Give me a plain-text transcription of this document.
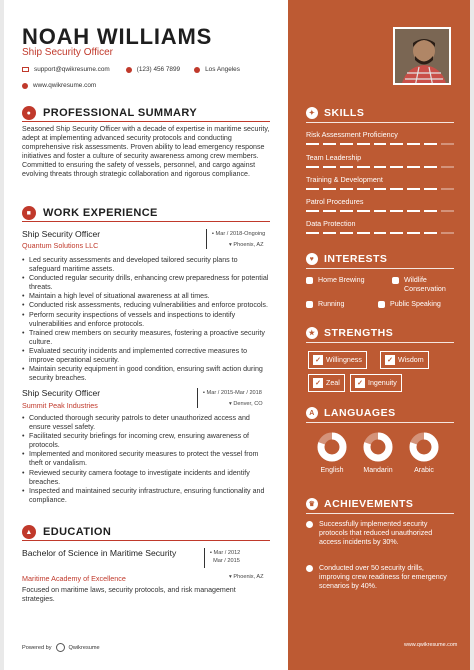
NOAH WILLIAMS
Ship Security Officer
support@qwikresume.com	(123) 456 7899	Los Angeles
www.qwikresume.com
●	PROFESSIONAL SUMMARY
Seasoned Ship Security Officer with a decade of expertise in maritime security, adept at implementing advanced security protocols and conducting comprehensive risk assessments. Proven ability to lead emergency response initiatives and foster a culture of security awareness among crew members. Committed to ensuring the safety of vessels, personnel, and cargo against evolving threats through strategic collaboration and rigorous compliance.
■	WORK EXPERIENCE
Ship Security Officer
Quantum Solutions LLC
▪ Mar / 2018-Ongoing
▾ Phoenix, AZ
• Led security assessments and developed tailored security plans to safeguard maritime assets.
• Conducted regular security drills, enhancing crew preparedness for potential threats.
• Maintain a high level of situational awareness at all times.
• Conducted risk assessments, reducing vulnerabilities and enforce protocols.
• Perform security inspections of vessels and inspections to identify vulnerabilities and enforce protocols.
• Trained crew members on security measures, fostering a proactive security culture.
• Evaluated security incidents and implemented corrective measures to improve operational security.
• Maintain security equipment in good condition, ensuring swift action during security breaches.
Ship Security Officer
Summit Peak Industries
▪ Mar / 2015-Mar / 2018
▾ Denver, CO
• Conducted thorough security patrols to deter unauthorized access and ensure vessel safety.
• Facilitated security briefings for incoming crew, ensuring awareness of protocols.
• Implemented and monitored security measures to protect the vessel from theft or vandalism.
• Reviewed security camera footage to investigate incidents and identify breaches.
• Inspected and maintained security infrastructure, ensuring functionality and compliance.
▲ EDUCATION
Bachelor of Science in Maritime Security	▪ Mar / 2012
Mar / 2015
Maritime Academy of Excellence	▾ Phoenix, AZ
Focused on maritime laws, security protocols, and risk management strategies.
Powered by	Qwikresume
✦ SKILLS
Risk Assessment Proficiency
Team Leadership
Training & Development
Patrol Procedures
Data Protection
♥ INTERESTS
Home Brewing	Wildlife Conservation
Running	Public Speaking
★ STRENGTHS
✓ Willingness	✓ Wisdom
✓ Zeal ✓ Ingenuity
A LANGUAGES
English	Mandarin	Arabic
♛ ACHIEVEMENTS
Successfully implemented security protocols that reduced unauthorized access incidents by 30%.
Conducted over 50 security drills, improving crew readiness for emergency scenarios by 40%.
www.qwikresume.com
